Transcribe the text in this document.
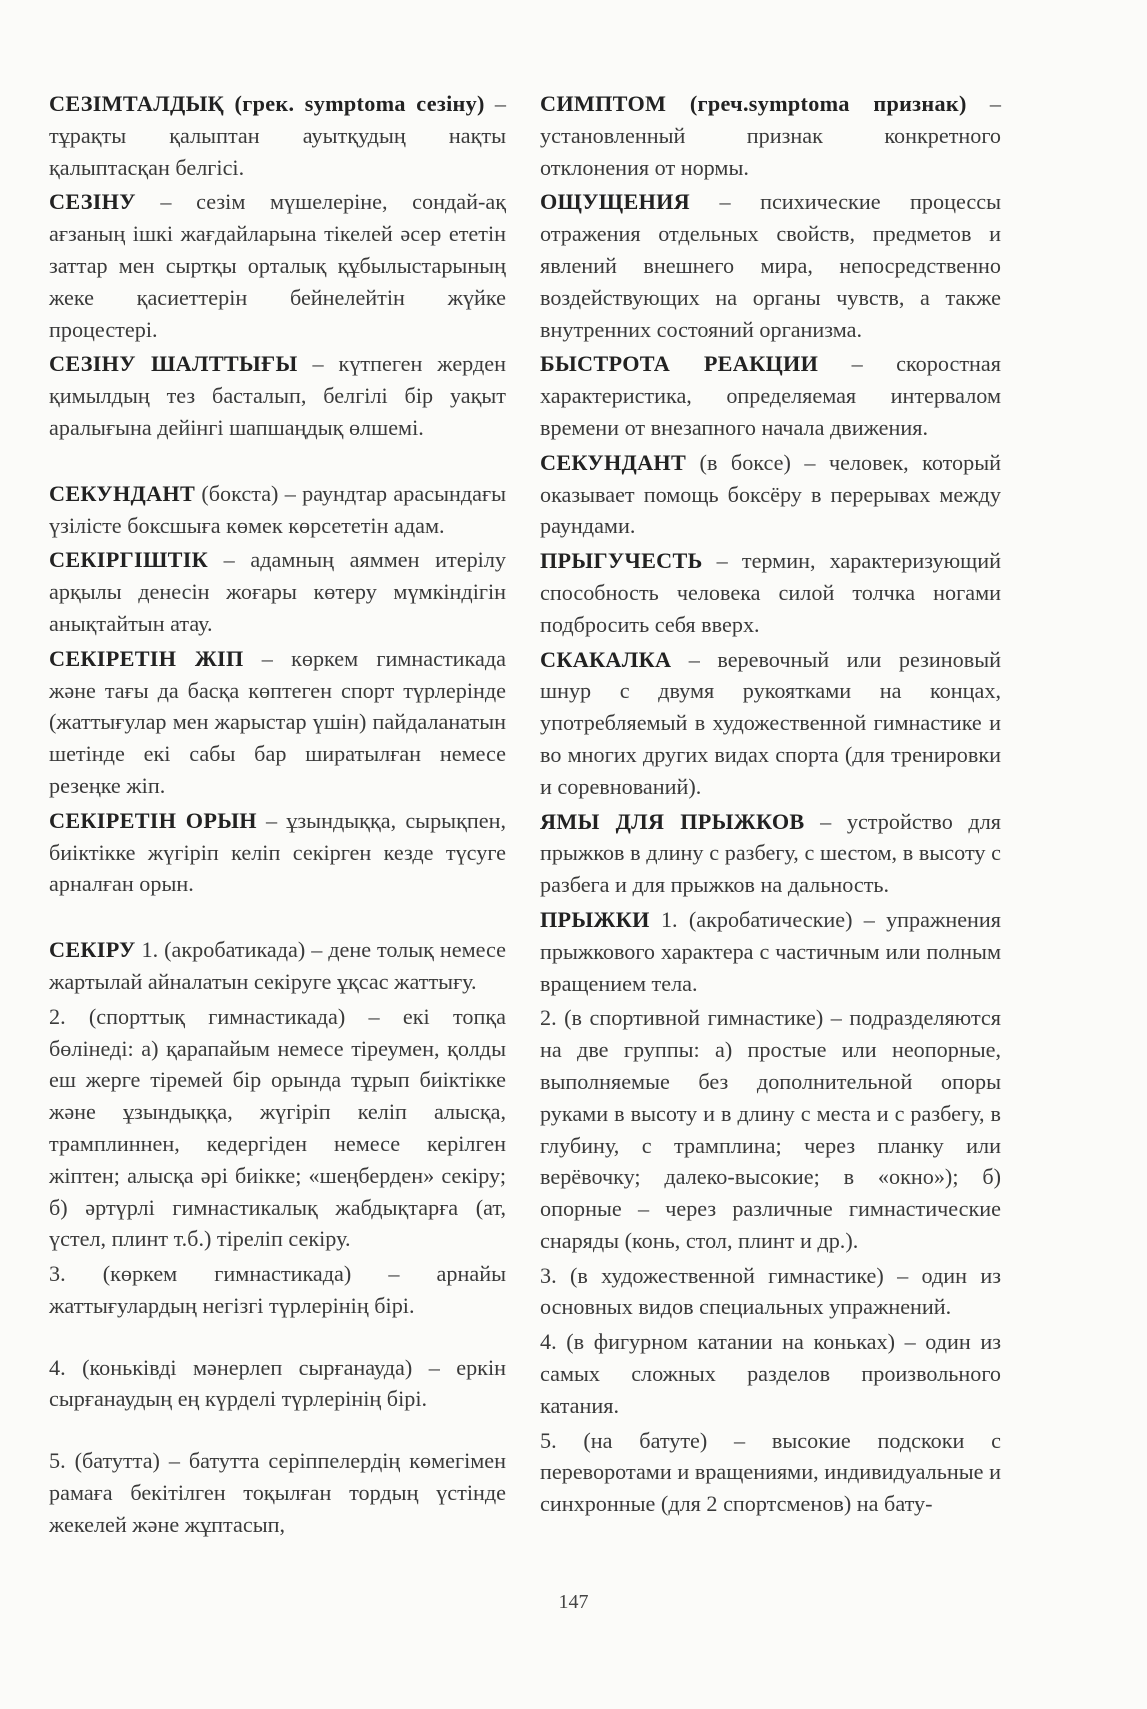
СЕЗІМТАЛДЫҚ (грек. symptoma сезіну) – тұрақты қалыптан ауытқудың нақты қалыптасқан белгісі.

СЕЗІНУ – сезім мүшелеріне, сондай-ақ ағзаның ішкі жағдайларына тікелей әсер ететін заттар мен сыртқы орталық құбылыстарының жеке қасиеттерін бейнелейтін жүйке процестері.

СЕЗІНУ ШАЛТТЫҒЫ – күтпеген жерден қимылдың тез басталып, белгілі бір уақыт аралығына дейінгі шапшаңдық өлшемі.

СЕКУНДАНТ (бокста) – раундтар арасындағы үзілісте боксшыға көмек көрсететін адам.

СЕКІРГІШТІК – адамның аяммен итерілу арқылы денесін жоғары көтеру мүмкіндігін анықтайтын атау.

СЕКІРЕТІН ЖІП – көркем гимнастикада және тағы да басқа көптеген спорт түрлерінде (жаттығулар мен жарыстар үшін) пайдаланатын шетінде екі сабы бар ширатылған немесе резеңке жіп.

СЕКІРЕТІН ОРЫН – ұзындыққа, сырықпен, биіктікке жүгіріп келіп секірген кезде түсуге арналған орын.

СЕКІРУ 1. (акробатикада) – дене толық немесе жартылай айналатын секіруге ұқсас жаттығу.

2. (спорттық гимнастикада) – екі топқа бөлінеді: а) қарапайым немесе тіреумен, қолды еш жерге тіремей бір орында тұрып биіктікке және ұзындыққа, жүгіріп келіп алысқа, трамплиннен, кедергіден немесе керілген жіптен; алысқа әрі биікке; «шеңберден» секіру; б) әртүрлі гимнастикалық жабдықтарға (ат, үстел, плинт т.б.) тіреліп секіру.

3. (көркем гимнастикада) – арнайы жаттығулардың негізгі түрлерінің бірі.

4. (коньківді мәнерлеп сырғанауда) – еркін сырғанаудың ең күрделі түрлерінің бірі.

5. (батутта) – батутта серіппелердің көмегімен рамаға бекітілген тоқылған тордың үстінде жекелей және жұптасып,

СИМПТОМ (греч.symptoma признак) – установленный признак конкретного отклонения от нормы.

ОЩУЩЕНИЯ – психические процессы отражения отдельных свойств, предметов и явлений внешнего мира, непосредственно воздействующих на органы чувств, а также внутренних состояний организма.

БЫСТРОТА РЕАКЦИИ – скоростная характеристика, определяемая интервалом времени от внезапного начала движения.

СЕКУНДАНТ (в боксе) – человек, который оказывает помощь боксёру в перерывах между раундами.

ПРЫГУЧЕСТЬ – термин, характеризующий способность человека силой толчка ногами подбросить себя вверх.

СКАКАЛКА – веревочный или резиновый шнур с двумя рукоятками на концах, употребляемый в художественной гимнастике и во многих других видах спорта (для тренировки и соревнований).

ЯМЫ ДЛЯ ПРЫЖКОВ – устройство для прыжков в длину с разбегу, с шестом, в высоту с разбега и для прыжков на дальность.

ПРЫЖКИ 1. (акробатические) – упражнения прыжкового характера с частичным или полным вращением тела.

2. (в спортивной гимнастике) – подразделяются на две группы: а) простые или неопорные, выполняемые без дополнительной опоры руками в высоту и в длину с места и с разбегу, в глубину, с трамплина; через планку или верёвочку; далеко-высокие; в «окно»); б) опорные – через различные гимнастические снаряды (конь, стол, плинт и др.).

3. (в художественной гимнастике) – один из основных видов специальных упражнений.

4. (в фигурном катании на коньках) – один из самых сложных разделов произвольного катания.

5. (на батуте) – высокие подскоки с переворотами и вращениями, индивидуальные и синхронные (для 2 спортсменов) на бату-

147
